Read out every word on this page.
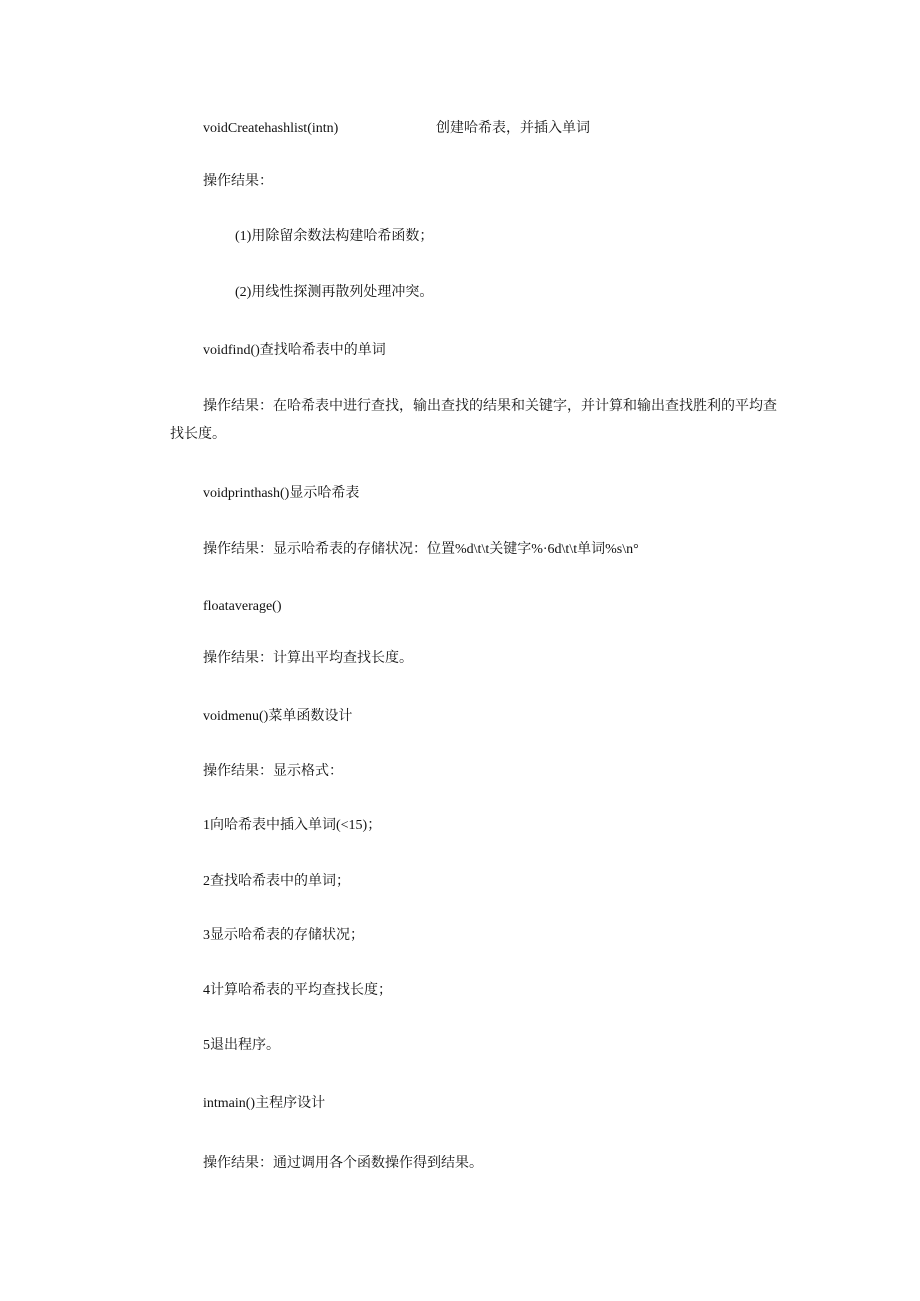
voidCreatehashlist(intn)	创建哈希表，并插入单词
操作结果：
(1)用除留余数法构建哈希函数；
(2)用线性探测再散列处理冲突。
voidfind()查找哈希表中的单词
操作结果：在哈希表中进行查找，输出查找的结果和关键字，并计算和输出查找胜利的平均查找长度。
voidprinthash()显示哈希表
操作结果：显示哈希表的存储状况：位置%d\t\t关键字%·6d\t\t单词%s\n°
floataverage()
操作结果：计算出平均查找长度。
voidmenu()菜单函数设计
操作结果：显示格式：
1向哈希表中插入单词(<15)；
2查找哈希表中的单词；
3显示哈希表的存储状况；
4计算哈希表的平均查找长度；
5退出程序。
intmain()主程序设计
操作结果：通过调用各个函数操作得到结果。
